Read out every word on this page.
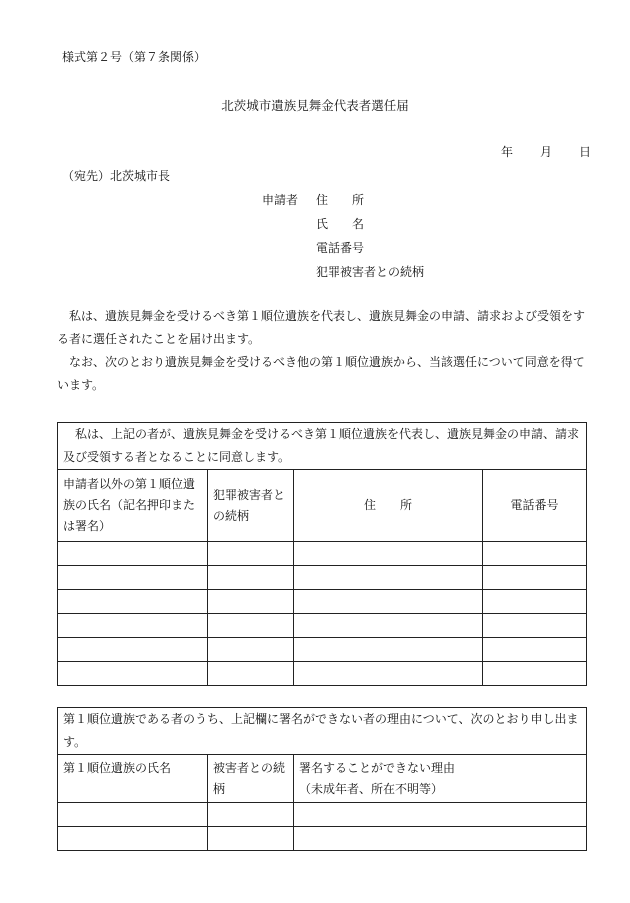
様式第２号（第７条関係）
北茨城市遺族見舞金代表者選任届
年 月 日
（宛先）北茨城市長
申請者 住　　所
氏　　名
電話番号
犯罪被害者との続柄

私は、遺族見舞金を受けるべき第１順位遺族を代表し、遺族見舞金の申請、請求および受領をする者に選任されたことを届け出ます。

なお、次のとおり遺族見舞金を受けるべき他の第１順位遺族から、当該選任について同意を得ています。

私は、上記の者が、遺族見舞金を受けるべき第１順位遺族を代表し、遺族見舞金の申請、請求及び受領する者となることに同意します。			
申請者以外の第１順位遺族の氏名（記名押印または署名）	犯罪被害者との続柄	住　　所	電話番号

第１順位遺族である者のうち、上記欄に署名ができない者の理由について、次のとおり申し出ます。		
第１順位遺族の氏名	被害者との続柄	署名することができない理由
（未成年者、所在不明等）
